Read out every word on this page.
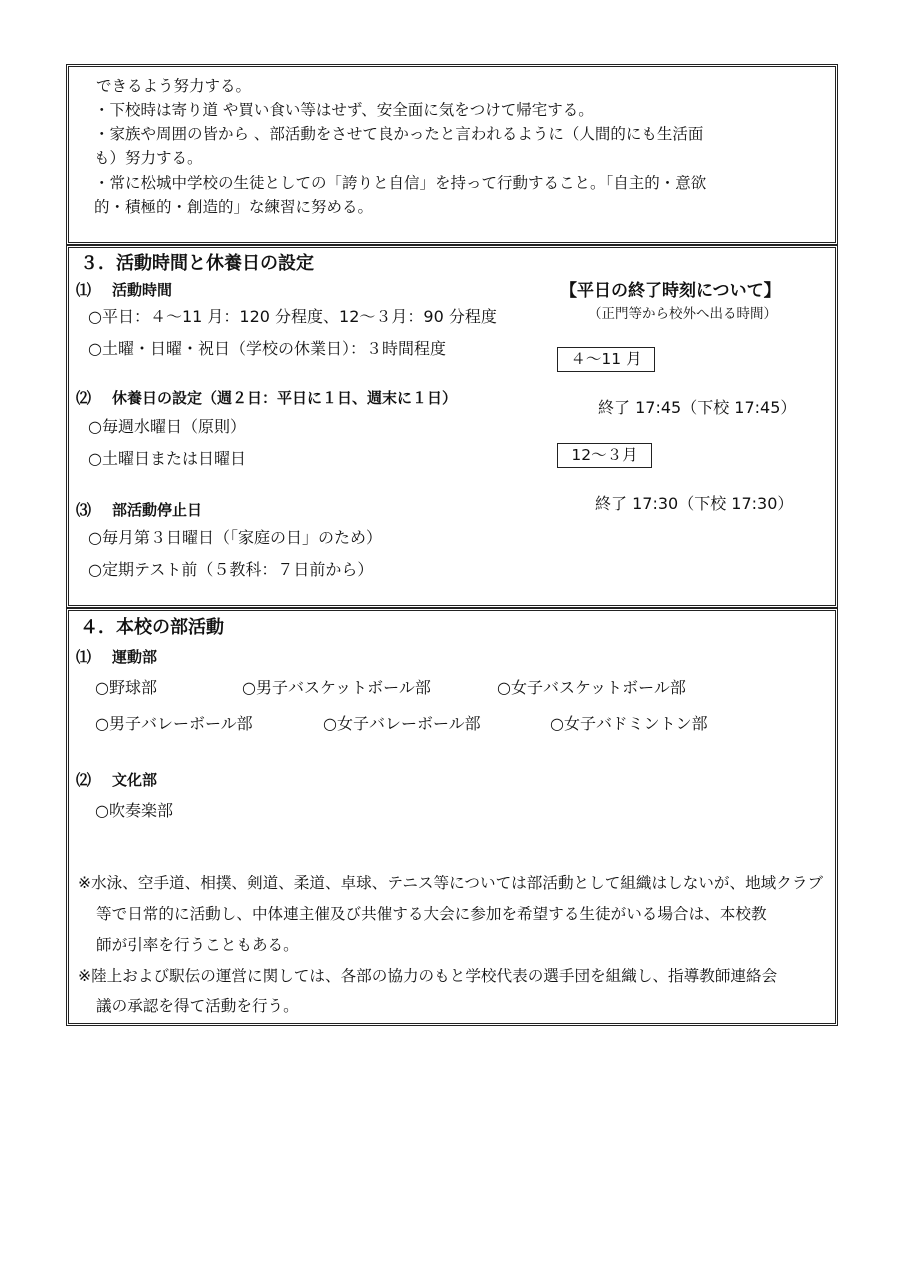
できるよう努力する。
・下校時は寄り道 や買い食い等はせず、安全面に気をつけて帰宅する。
・家族や周囲の皆から 、部活動をさせて良かったと言われるように（人間的にも生活面
も）努力する。
・常に松城中学校の生徒としての「誇りと自信」を持って行動すること。「自主的・意欲
的・積極的・創造的」な練習に努める。
３．活動時間と休養日の設定
⑴ 活動時間
○平日：４～11 月：120 分程度、12～３月：90 分程度
○土曜・日曜・祝日（学校の休業日）：３時間程度
⑵ 休養日の設定（週２日：平日に１日、週末に１日）
○毎週水曜日（原則）
○土曜日または日曜日
⑶ 部活動停止日
○毎月第３日曜日（「家庭の日」のため）
○定期テスト前（５教科：７日前から）
【平日の終了時刻について】
（正門等から校外へ出る時間）
４～11 月
終了 17:45（下校 17:45）
12～３月
終了 17:30（下校 17:30）
４．本校の部活動
⑴ 運動部
○野球部	○男子バスケットボール部	○女子バスケットボール部
○男子バレーボール部	○女子バレーボール部	○女子バドミントン部
⑵ 文化部
○吹奏楽部
※水泳、空手道、相撲、剣道、柔道、卓球、テニス等については部活動として組織はしないが、地域クラブ
等で日常的に活動し、中体連主催及び共催する大会に参加を希望する生徒がいる場合は、本校教
師が引率を行うこともある。
※陸上および駅伝の運営に関しては、各部の協力のもと学校代表の選手団を組織し、指導教師連絡会
議の承認を得て活動を行う。
